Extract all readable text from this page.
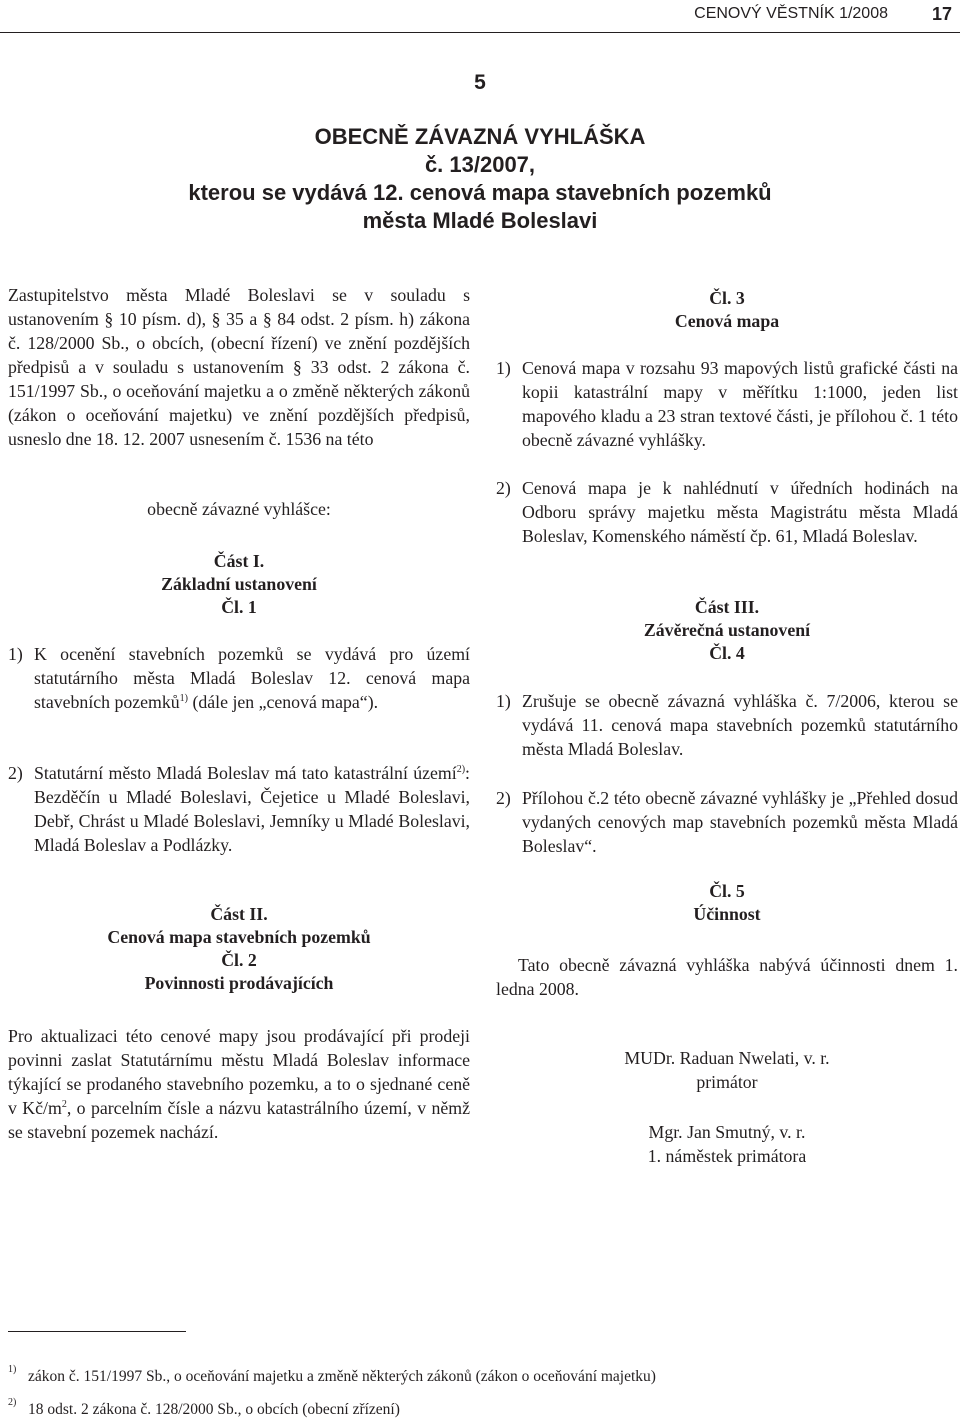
CENOVÝ VĚSTNÍK 1/2008 17
5
OBECNĚ ZÁVAZNÁ VYHLÁŠKA
č. 13/2007,
kterou se vydává 12. cenová mapa stavebních pozemků
města Mladé Boleslavi

Zastupitelstvo města Mladé Boleslavi se v souladu s ustanovením § 10 písm. d), § 35 a § 84 odst. 2 písm. h) zákona č. 128/2000 Sb., o obcích, (obecní řízení) ve znění pozdějších předpisů a v souladu s ustanovením § 33 odst. 2 zákona č. 151/1997 Sb., o oceňování majetku a o změně některých zákonů (zákon o oceňování majetku) ve znění pozdějších předpisů, usneslo dne 18. 12. 2007 usnesením č. 1536 na této

obecně závazné vyhlášce:

Část I.
Základní ustanovení
Čl. 1
1) K ocenění stavebních pozemků se vydává pro území statutárního města Mladá Boleslav 12. cenová mapa stavebních pozemků$^{1)}$ (dále jen „cenová mapa“).
2) Statutární město Mladá Boleslav má tato katastrální území$^{2)}$: Bezděčín u Mladé Boleslavi, Čejetice u Mladé Boleslavi, Debř, Chrást u Mladé Boleslavi, Jemníky u Mladé Boleslavi, Mladá Boleslav a Podlázky.
Část II.
Cenová mapa stavebních pozemků
Čl. 2
Povinnosti prodávajících

Pro aktualizaci této cenové mapy jsou prodávající při prodeji povinni zaslat Statutárnímu městu Mladá Boleslav informace týkající se prodaného stavebního pozemku, a to o sjednané ceně v $Kč/m^2$, o parcelním čísle a názvu katastrálního území, v němž se stavební pozemek nachází.

Čl. 3
Cenová mapa
1) Cenová mapa v rozsahu 93 mapových listů grafické části na kopii katastrální mapy v měřítku 1:1000, jeden list mapového kladu a 23 stran textové části, je přílohou č. 1 této obecně závazné vyhlášky.
2) Cenová mapa je k nahlédnutí v úředních hodinách na Odboru správy majetku města Magistrátu města Mladá Boleslav, Komenského náměstí čp. 61, Mladá Boleslav.
Část III.
Závěrečná ustanovení
Čl. 4
1) Zrušuje se obecně závazná vyhláška č. 7/2006, kterou se vydává 11. cenová mapa stavebních pozemků statutárního města Mladá Boleslav.
2) Přílohou č.2 této obecně závazné vyhlášky je „Přehled dosud vydaných cenových map stavebních pozemků města Mladá Boleslav“.
Čl. 5
Účinnost

Tato obecně závazná vyhláška nabývá účinnosti dnem 1. ledna 2008.

MUDr. Raduan Nwelati, v. r.
primátor
Mgr. Jan Smutný, v. r.
1. náměstek primátora
1) zákon č. 151/1997 Sb., o oceňování majetku a změně některých zákonů (zákon o oceňování majetku)
2) 18 odst. 2 zákona č. 128/2000 Sb., o obcích (obecní zřízení)
